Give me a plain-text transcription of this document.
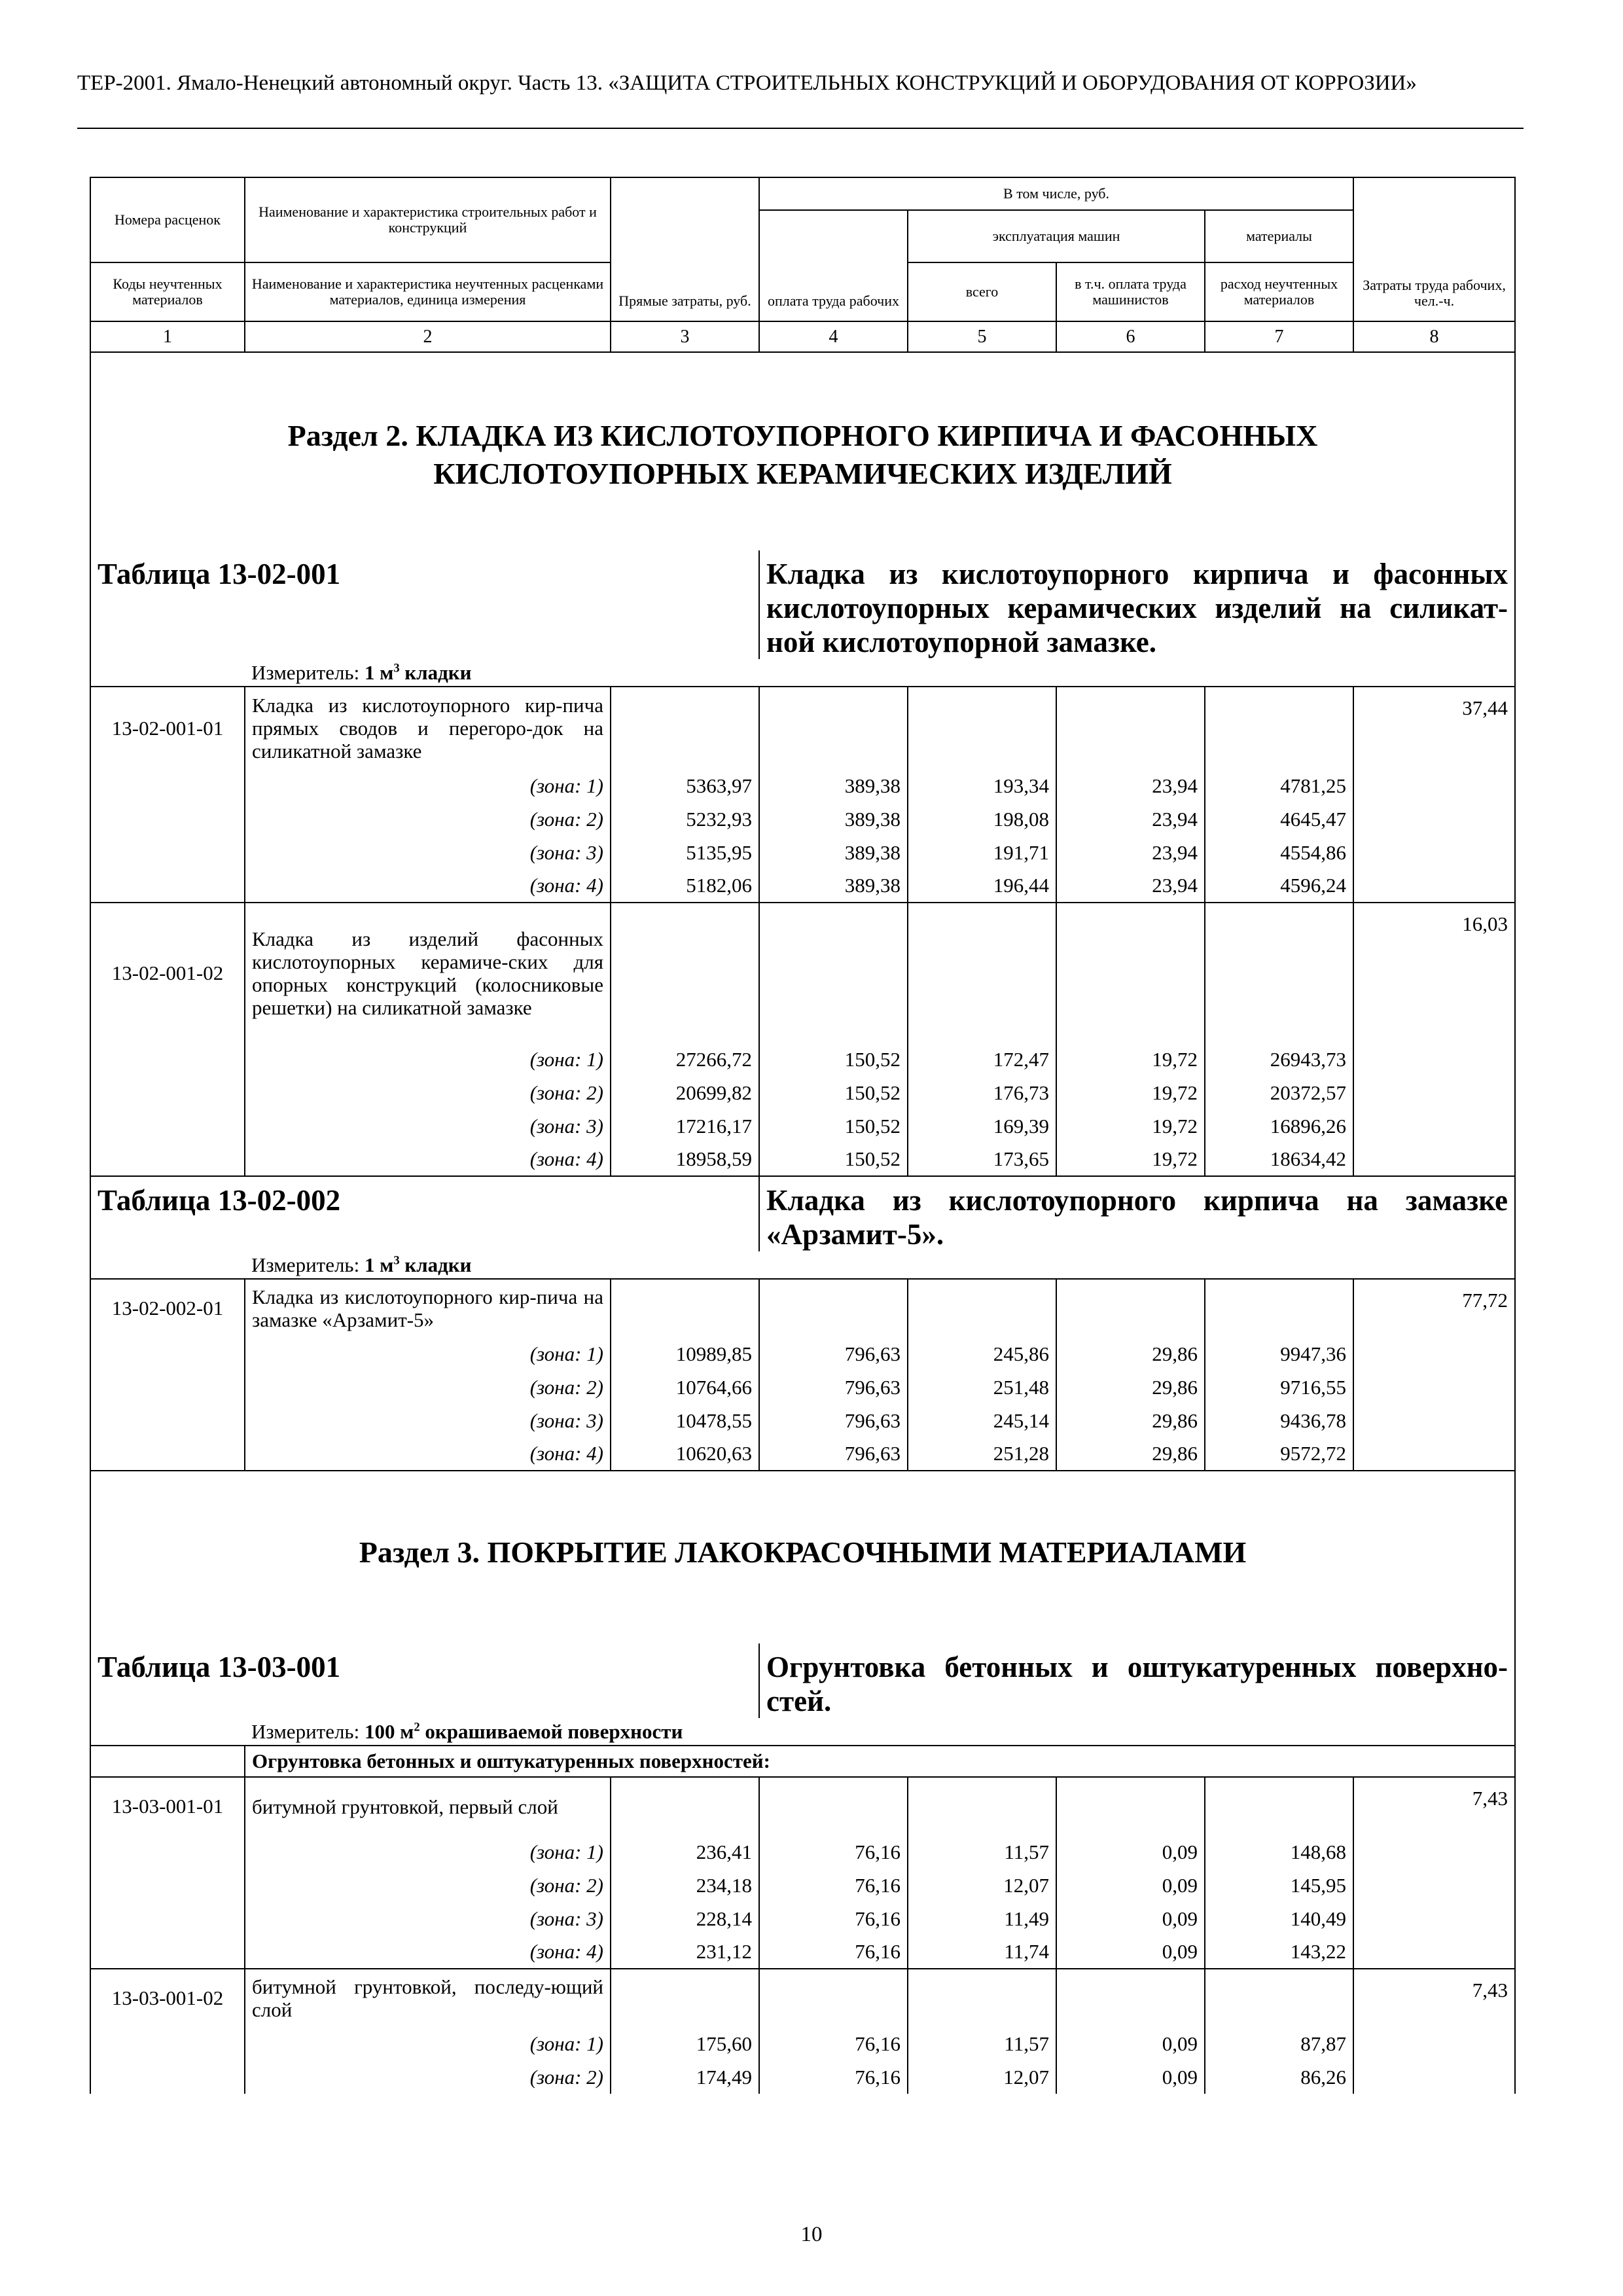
ТЕР-2001. Ямало-Ненецкий автономный округ. Часть 13. «ЗАЩИТА СТРОИТЕЛЬНЫХ КОНСТРУКЦИЙ И ОБОРУДОВАНИЯ ОТ КОРРОЗИИ»
Номера расценок	Наименование и характеристика строительных работ и конструкций	Прямые затраты, руб.	В том числе, руб.				Затраты труда рабочих, чел.-ч.
			оплата труда рабочих	эксплуатация машин		материалы	
Коды неучтенных материалов	Наименование и характеристика неучтенных расценками материалов, единица измерения			всего	в т.ч. оплата труда машинистов	расход неучтенных материалов	
1	2	3	4	5	6	7	8

Раздел 2. КЛАДКА ИЗ КИСЛОТОУПОРНОГО КИРПИЧА И ФАСОННЫХ
КИСЛОТОУПОРНЫХ КЕРАМИЧЕСКИХ ИЗДЕЛИЙ							

Таблица 13-02-001			Кладка из кислотоупорного кирпича и фасонных кислотоупорных керамических изделий на силикат-ной кислотоупорной замазке.				
	Измеритель: 1 $м^3$ кладки						
13-02-001-01	Кладка из кислотоупорного кир-пича прямых сводов и перегоро-док на силикатной замазке						37,44
	(зона: 1)	5363,97	389,38	193,34	23,94	4781,25	
	(зона: 2)	5232,93	389,38	198,08	23,94	4645,47	
	(зона: 3)	5135,95	389,38	191,71	23,94	4554,86	
	(зона: 4)	5182,06	389,38	196,44	23,94	4596,24	
13-02-001-02	Кладка из изделий фасонных кислотоупорных керамиче-ских для опорных конструкций (колосниковые решетки) на силикатной замазке						16,03
	(зона: 1)	27266,72	150,52	172,47	19,72	26943,73	
	(зона: 2)	20699,82	150,52	176,73	19,72	20372,57	
	(зона: 3)	17216,17	150,52	169,39	19,72	16896,26	
	(зона: 4)	18958,59	150,52	173,65	19,72	18634,42	
Таблица 13-02-002			Кладка из кислотоупорного кирпича на замазке «Арзамит-5».				
	Измеритель: 1 $м^3$ кладки						
13-02-002-01	Кладка из кислотоупорного кир-пича на замазке «Арзамит-5»						77,72
	(зона: 1)	10989,85	796,63	245,86	29,86	9947,36	
	(зона: 2)	10764,66	796,63	251,48	29,86	9716,55	
	(зона: 3)	10478,55	796,63	245,14	29,86	9436,78	
	(зона: 4)	10620,63	796,63	251,28	29,86	9572,72	

Раздел 3. ПОКРЫТИЕ ЛАКОКРАСОЧНЫМИ МАТЕРИАЛАМИ							

Таблица 13-03-001			Огрунтовка бетонных и оштукатуренных поверхно-стей.				
	Измеритель: 100 $м^2$ окрашиваемой поверхности						
	Огрунтовка бетонных и оштукатуренных поверхностей:						
13-03-001-01	битумной грунтовкой, первый слой						7,43
	(зона: 1)	236,41	76,16	11,57	0,09	148,68	
	(зона: 2)	234,18	76,16	12,07	0,09	145,95	
	(зона: 3)	228,14	76,16	11,49	0,09	140,49	
	(зона: 4)	231,12	76,16	11,74	0,09	143,22	
13-03-001-02	битумной грунтовкой, последу-ющий слой						7,43
	(зона: 1)	175,60	76,16	11,57	0,09	87,87	
	(зона: 2)	174,49	76,16	12,07	0,09	86,26	
10
